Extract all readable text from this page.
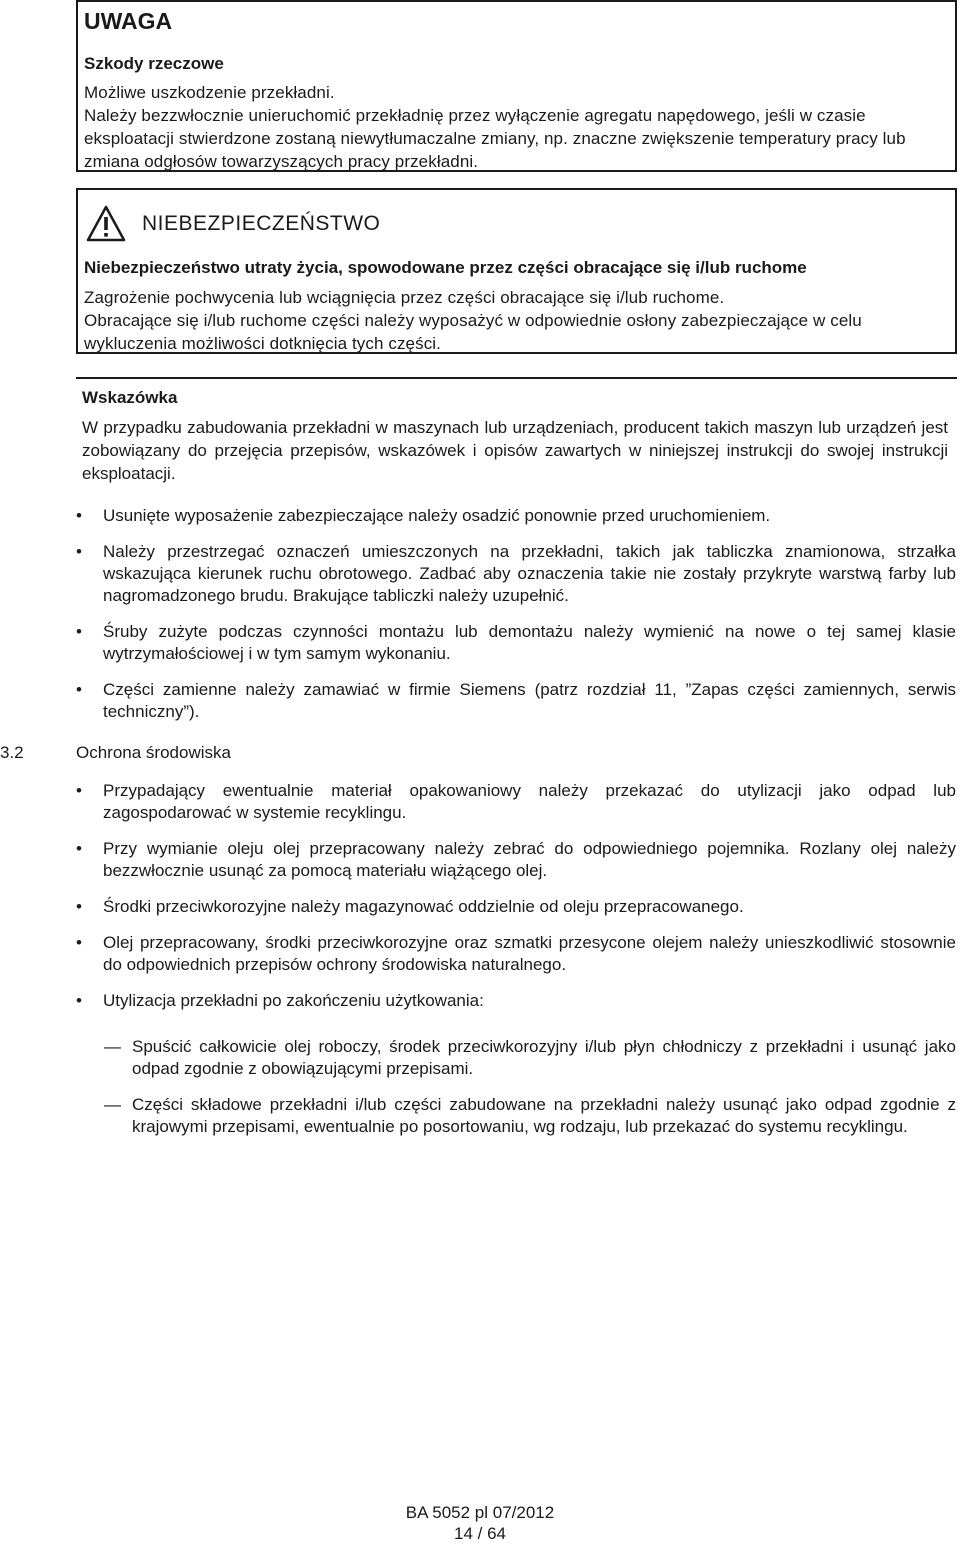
UWAGA

Szkody rzeczowe

Możliwe uszkodzenie przekładni.
Należy bezzwłocznie unieruchomić przekładnię przez wyłączenie agregatu napędowego, jeśli w czasie eksploatacji stwierdzone zostaną niewytłumaczalne zmiany, np. znaczne zwiększenie temperatury pracy lub zmiana odgłosów towarzyszących pracy przekładni.

NIEBEZPIECZEŃSTWO
Niebezpieczeństwo utraty życia, spowodowane przez części obracające się i/lub ruchome
Zagrożenie pochwycenia lub wciągnięcia przez części obracające się i/lub ruchome.
Obracające się i/lub ruchome części należy wyposażyć w odpowiednie osłony zabezpieczające w celu wykluczenia możliwości dotknięcia tych części.
Wskazówka
W przypadku zabudowania przekładni w maszynach lub urządzeniach, producent takich maszyn lub urządzeń jest zobowiązany do przejęcia przepisów, wskazówek i opisów zawartych w niniejszej instrukcji do swojej instrukcji eksploatacji.
•	Usunięte wyposażenie zabezpieczające należy osadzić ponownie przed uruchomieniem.
•	Należy przestrzegać oznaczeń umieszczonych na przekładni, takich jak tabliczka znamionowa, strzałka wskazująca kierunek ruchu obrotowego. Zadbać aby oznaczenia takie nie zostały przykryte warstwą farby lub nagromadzonego brudu. Brakujące tabliczki należy uzupełnić.
•	Śruby zużyte podczas czynności montażu lub demontażu należy wymienić na nowe o tej samej klasie wytrzymałościowej i w tym samym wykonaniu.
•	Części zamienne należy zamawiać w firmie Siemens (patrz rozdział 11, ”Zapas części zamiennych, serwis techniczny”).
3.2	Ochrona środowiska
•	Przypadający ewentualnie materiał opakowaniowy należy przekazać do utylizacji jako odpad lub zagospodarować w systemie recyklingu.
•	Przy wymianie oleju olej przepracowany należy zebrać do odpowiedniego pojemnika. Rozlany olej należy bezzwłocznie usunąć za pomocą materiału wiążącego olej.
•	Środki przeciwkorozyjne należy magazynować oddzielnie od oleju przepracowanego.
•	Olej przepracowany, środki przeciwkorozyjne oraz szmatki przesycone olejem należy unieszkodliwić stosownie do odpowiednich przepisów ochrony środowiska naturalnego.
•	Utylizacja przekładni po zakończeniu użytkowania:
— Spuścić całkowicie olej roboczy, środek przeciwkorozyjny i/lub płyn chłodniczy z przekładni i usunąć jako odpad zgodnie z obowiązującymi przepisami.
— Części składowe przekładni i/lub części zabudowane na przekładni należy usunąć jako odpad zgodnie z krajowymi przepisami, ewentualnie po posortowaniu, wg rodzaju, lub przekazać do systemu recyklingu.
BA 5052 pl 07/2012
14 / 64
